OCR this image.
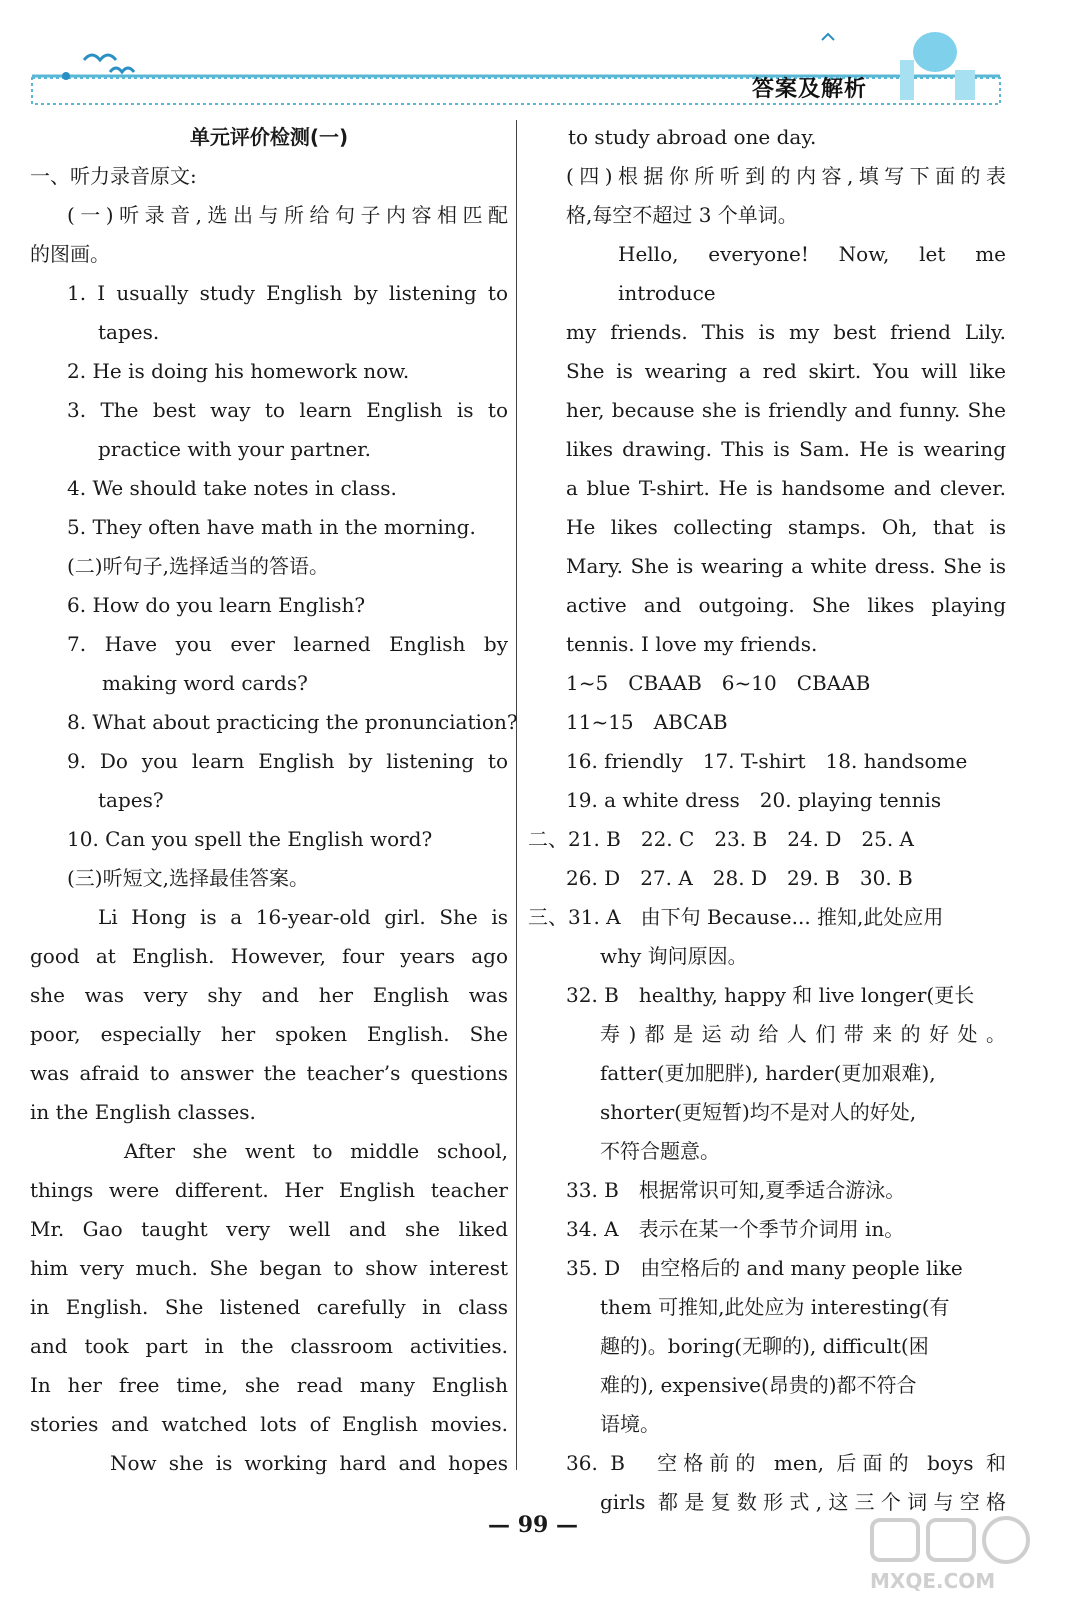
答案及解析
单元评价检测(一)
一、听力录音原文:
(一)听录音,选出与所给句子内容相匹配
的图画。
1. I usually study English by listening to
tapes.
2. He is doing his homework now.
3. The best way to learn English is to
practice with your partner.
4. We should take notes in class.
5. They often have math in the morning.
(二)听句子,选择适当的答语。
6. How do you learn English?
7. Have you ever learned English by
making word cards?
8. What about practicing the pronunciation?
9. Do you learn English by listening to
tapes?
10. Can you spell the English word?
(三)听短文,选择最佳答案。
Li Hong is a 16-year-old girl. She is
good at English. However, four years ago
she was very shy and her English was
poor, especially her spoken English. She
was afraid to answer the teacher’s questions
in the English classes.
After she went to middle school,
things were different. Her English teacher
Mr. Gao taught very well and she liked
him very much. She began to show interest
in English. She listened carefully in class
and took part in the classroom activities.
In her free time, she read many English
stories and watched lots of English movies.
Now she is working hard and hopes
to study abroad one day.
(四)根据你所听到的内容,填写下面的表
格,每空不超过 3 个单词。
Hello, everyone! Now, let me introduce
my friends. This is my best friend Lily.
She is wearing a red skirt. You will like
her, because she is friendly and funny. She
likes drawing. This is Sam. He is wearing
a blue T-shirt. He is handsome and clever.
He likes collecting stamps. Oh, that is
Mary. She is wearing a white dress. She is
active and outgoing. She likes playing
tennis. I love my friends.
1~5　CBAAB　6~10　CBAAB
11~15　ABCAB
16. friendly　17. T-shirt　18. handsome
19. a white dress　20. playing tennis
二、21. B　22. C　23. B　24. D　25. A
26. D　27. A　28. D　29. B　30. B
三、31. A　由下句 Because... 推知,此处应用
why 询问原因。
32. B　healthy, happy 和 live longer(更长
寿)都是运动给人们带来的好处。
fatter(更加肥胖), harder(更加艰难),
shorter(更短暂)均不是对人的好处,
不符合题意。
33. B　根据常识可知,夏季适合游泳。
34. A　表示在某一个季节介词用 in。
35. D　由空格后的 and many people like
them 可推知,此处应为 interesting(有
趣的)。boring(无聊的), difficult(困
难的), expensive(昂贵的)都不符合
语境。
36. B　空格前的 men, 后面的 boys 和
girls 都是复数形式,这三个词与空格
— 99 —
MXQE.COM
